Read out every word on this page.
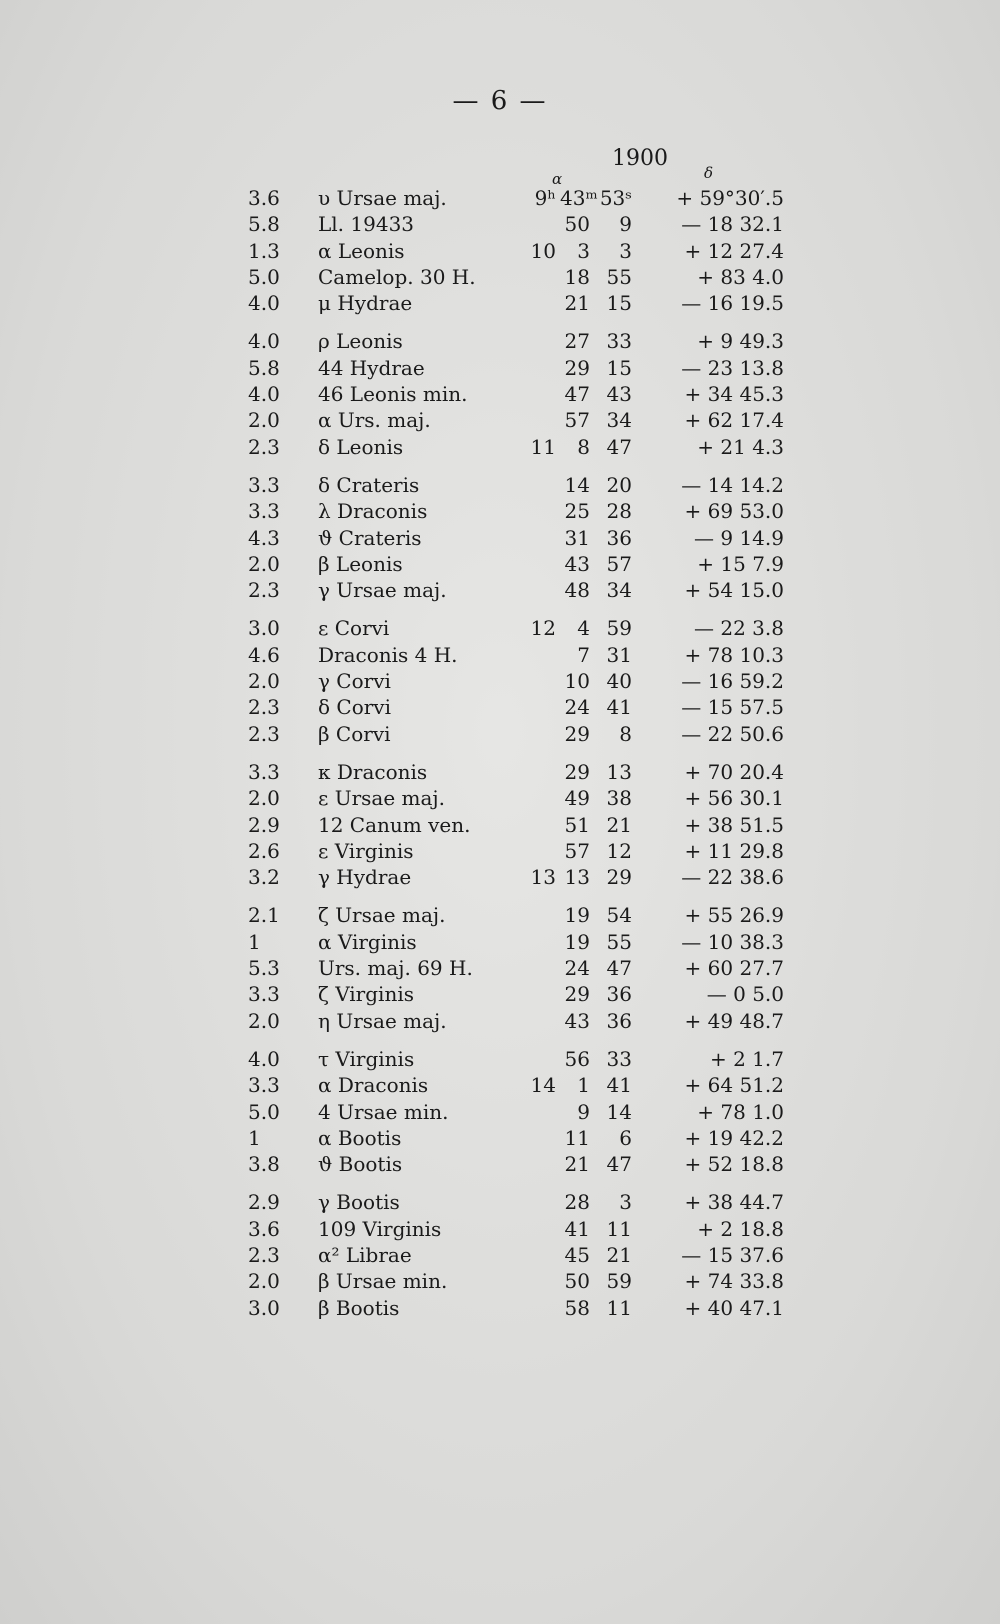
— 6 —
1900
α	δ
3.6	υ Ursae maj.	9ʰ 43ᵐ 53ˢ	+ 59°30′.5
5.8	Ll. 19433	50	9	— 18 32.1
1.3	α Leonis	10	3	3	+ 12 27.4
5.0	Camelop. 30 H.	18 55	+ 83 4.0
4.0	μ Hydrae	21 15	— 16 19.5
4.0	ρ Leonis	27 33	+ 9 49.3
5.8	44 Hydrae	29 15	— 23 13.8
4.0	46 Leonis min.	47 43	+ 34 45.3
2.0	α Urs. maj.	57 34	+ 62 17.4
2.3	δ Leonis	11	8 47	+ 21 4.3
3.3	δ Crateris	14 20	— 14 14.2
3.3	λ Draconis	25 28	+ 69 53.0
4.3	ϑ Crateris	31 36	— 9 14.9
2.0	β Leonis	43 57	+ 15 7.9
2.3	γ Ursae maj.	48 34	+ 54 15.0
3.0	ε Corvi	12	4 59	— 22 3.8
4.6	Draconis 4 H.	7 31	+ 78 10.3
2.0	γ Corvi	10 40	— 16 59.2
2.3	δ Corvi	24 41	— 15 57.5
2.3	β Corvi	29	8	— 22 50.6
3.3	κ Draconis	29 13	+ 70 20.4
2.0	ε Ursae maj.	49 38	+ 56 30.1
2.9	12 Canum ven.	51 21	+ 38 51.5
2.6	ε Virginis	57 12	+ 11 29.8
3.2	γ Hydrae	13 13 29	— 22 38.6
2.1	ζ Ursae maj.	19 54	+ 55 26.9
1	α Virginis	19 55	— 10 38.3
5.3	Urs. maj. 69 H.	24 47	+ 60 27.7
3.3	ζ Virginis	29 36	— 0 5.0
2.0	η Ursae maj.	43 36	+ 49 48.7
4.0	τ Virginis	56 33	+ 2 1.7
3.3	α Draconis	14	1 41	+ 64 51.2
5.0	4 Ursae min.	9 14	+ 78 1.0
1	α Bootis	11	6	+ 19 42.2
3.8	ϑ Bootis	21 47	+ 52 18.8
2.9	γ Bootis	28	3	+ 38 44.7
3.6	109 Virginis	41 11	+ 2 18.8
2.3	α² Librae	45 21	— 15 37.6
2.0	β Ursae min.	50 59	+ 74 33.8
3.0	β Bootis	58 11	+ 40 47.1
